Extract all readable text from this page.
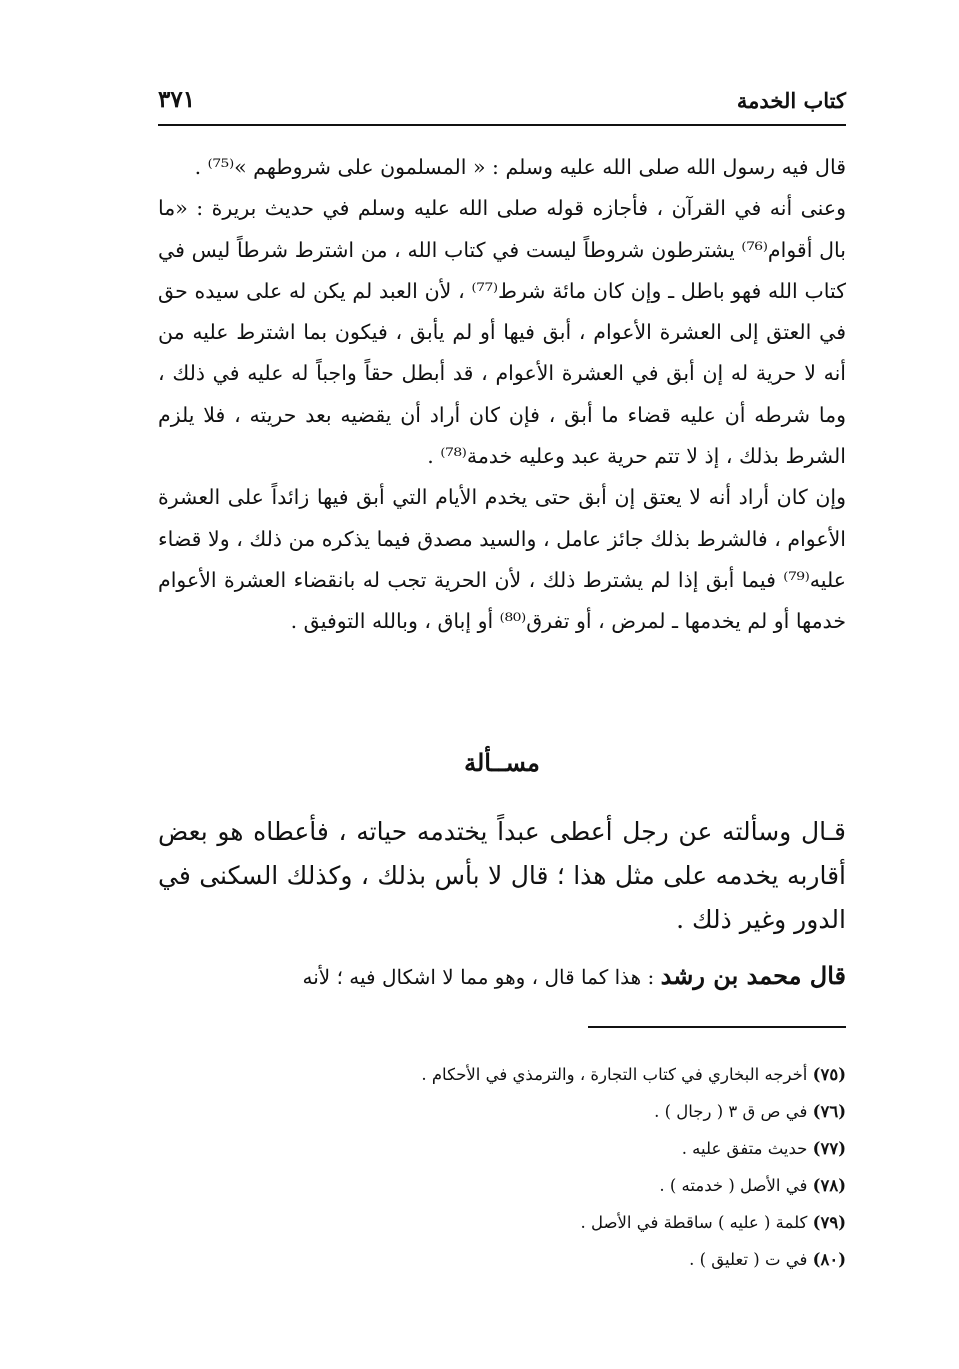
كتاب الخدمة
٣٧١

قال فيه رسول الله صلى الله عليه وسلم : « المسلمون على شروطهم »⁽⁷⁵⁾ .

وعنى أنه في القرآن ، فأجازه قوله صلى الله عليه وسلم في حديث بريرة : «ما بال أقوام⁽⁷⁶⁾ يشترطون شروطاً ليست في كتاب الله ، من اشترط شرطاً ليس في كتاب الله فهو باطل ـ وإن كان مائة شرط⁽⁷⁷⁾ ، لأن العبد لم يكن له على سيده حق في العتق إلى العشرة الأعوام ، أبق فيها أو لم يأبق ، فيكون بما اشترط عليه من أنه لا حرية له إن أبق في العشرة الأعوام ، قد أبطل حقاً واجباً له عليه في ذلك ، وما شرطه أن عليه قضاء ما أبق ، فإن كان أراد أن يقضيه بعد حريته ، فلا يلزم الشرط بذلك ، إذ لا تتم حرية عبد وعليه خدمة⁽⁷⁸⁾ .

وإن كان أراد أنه لا يعتق إن أبق حتى يخدم الأيام التي أبق فيها زائداً على العشرة الأعوام ، فالشرط بذلك جائز عامل ، والسيد مصدق فيما يذكره من ذلك ، ولا قضاء عليه⁽⁷⁹⁾ فيما أبق إذا لم يشترط ذلك ، لأن الحرية تجب له بانقضاء العشرة الأعوام خدمها أو لم يخدمها ـ لمرض ، أو تفرق⁽⁸⁰⁾ أو إباق ، وبالله التوفيق .

مســألة

قـال وسألته عن رجل أعطى عبداً يختدمه حياته ، فأعطاه هو بعض أقاربه يخدمه على مثل هذا ؛ قال لا بأس بذلك ، وكذلك السكنى في الدور وغير ذلك .

قال محمد بن رشد : هذا كما قال ، وهو مما لا اشكال فيه ؛ لأنه
(٧٥) أخرجه البخاري في كتاب التجارة ، والترمذي في الأحكام .
(٧٦) في ص ق ٣ ( رجال ) .
(٧٧) حديث متفق عليه .
(٧٨) في الأصل ( خدمته ) .
(٧٩) كلمة ( عليه ) ساقطة في الأصل .
(٨٠) في ت ( تعليق ) .
